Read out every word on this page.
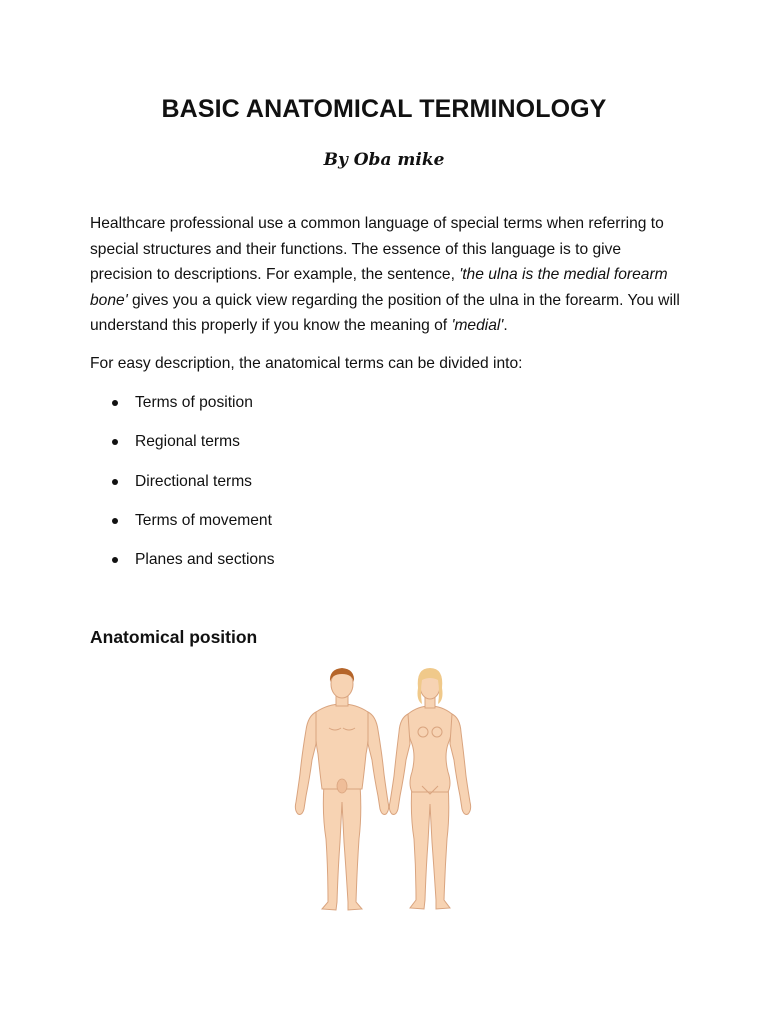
BASIC ANATOMICAL TERMINOLOGY

By Oba mike

Healthcare professional use a common language of special terms when referring to special structures and their functions. The essence of this language is to give precision to descriptions. For example, the sentence, 'the ulna is the medial forearm bone' gives you a quick view regarding the position of the ulna in the forearm. You will understand this properly if you know the meaning of 'medial'.

For easy description, the anatomical terms can be divided into:

Terms of position
Regional terms
Directional terms
Terms of movement
Planes and sections
Anatomical position
